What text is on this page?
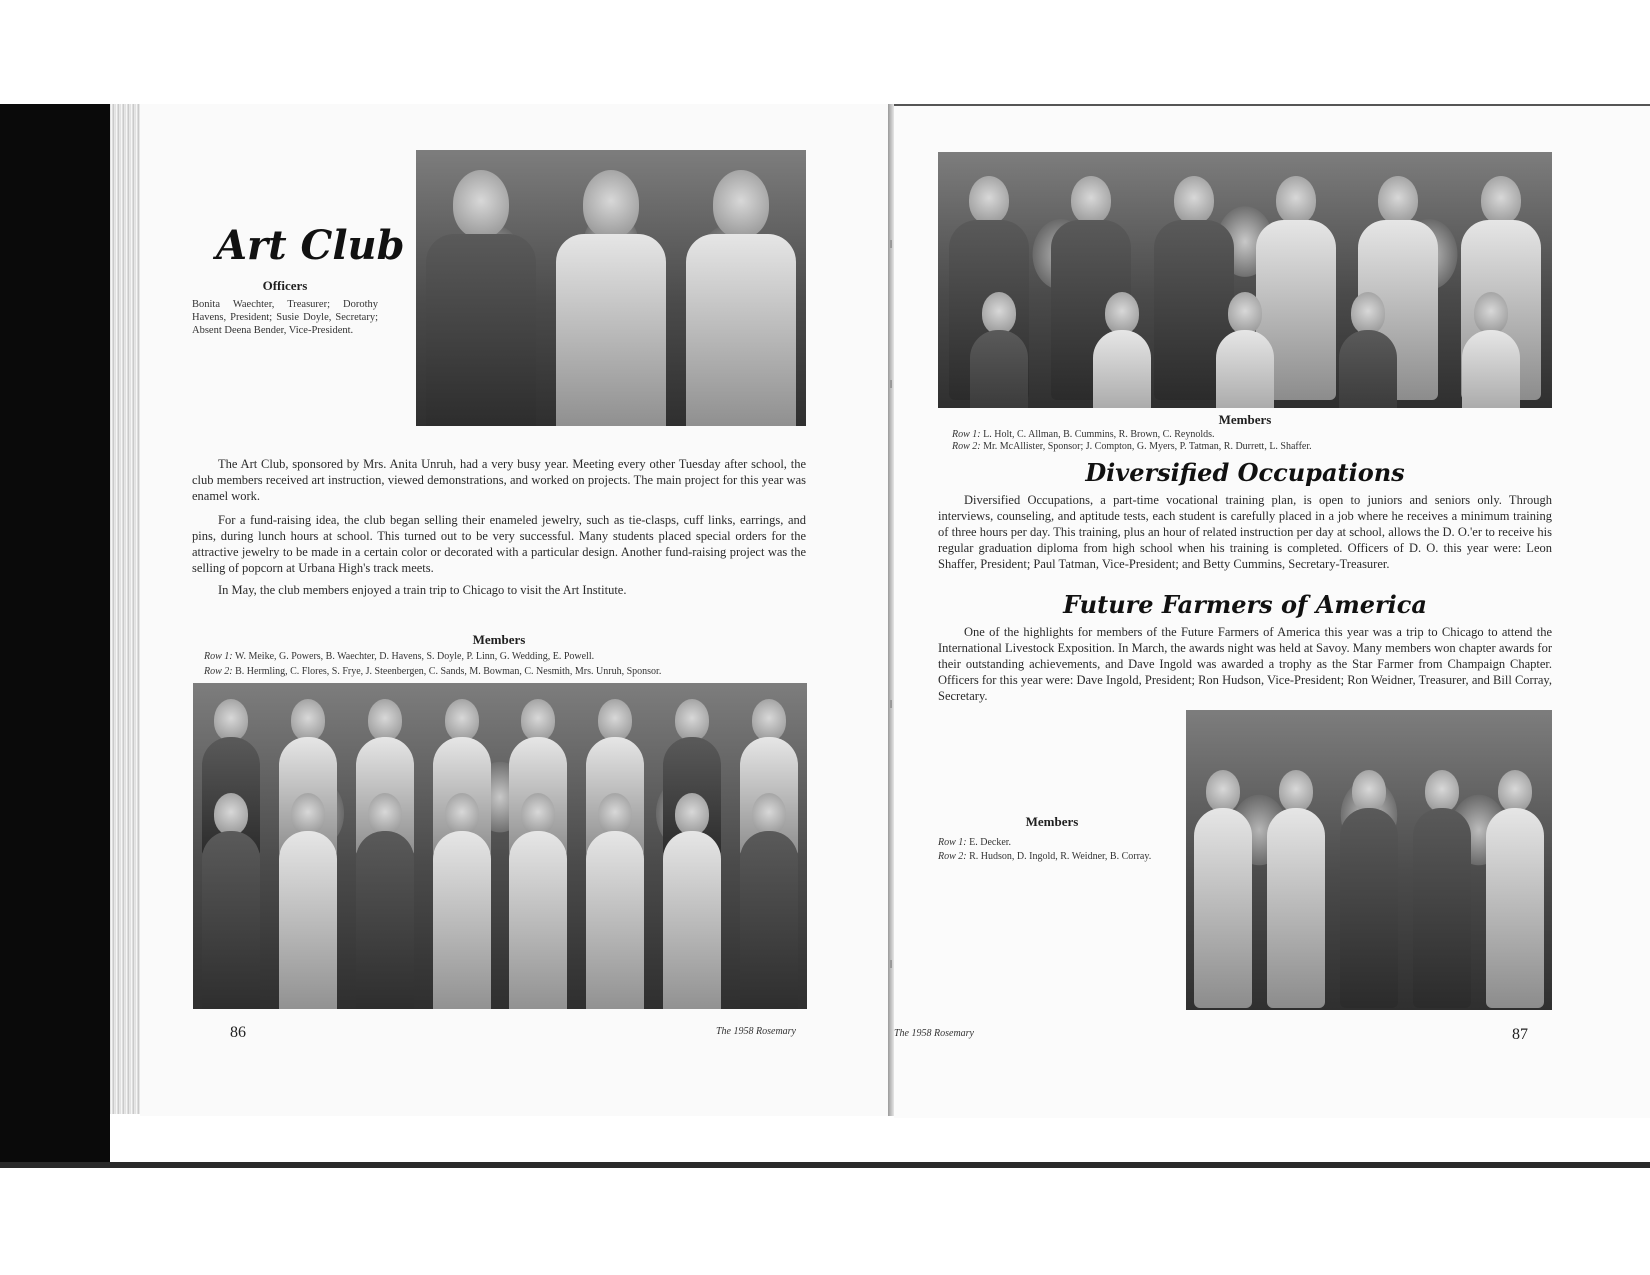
Art Club
Officers
Bonita Waechter, Treasurer; Dorothy Havens, President; Susie Doyle, Secretary; Absent Deena Bender, Vice-President.

The Art Club, sponsored by Mrs. Anita Unruh, had a very busy year. Meeting every other Tuesday after school, the club members received art instruction, viewed demonstrations, and worked on projects. The main project for this year was enamel work.

For a fund-raising idea, the club began selling their enameled jewelry, such as tie-clasps, cuff links, earrings, and pins, during lunch hours at school. This turned out to be very successful. Many students placed special orders for the attractive jewelry to be made in a certain color or decorated with a particular design. Another fund-raising project was the selling of popcorn at Urbana High's track meets.

In May, the club members enjoyed a train trip to Chicago to visit the Art Institute.

Members
Row 1: W. Meike, G. Powers, B. Waechter, D. Havens, S. Doyle, P. Linn, G. Wedding, E. Powell.
Row 2: B. Hermling, C. Flores, S. Frye, J. Steenbergen, C. Sands, M. Bowman, C. Nesmith, Mrs. Unruh, Sponsor.
86	The 1958 Rosemary
Members
Row 1: L. Holt, C. Allman, B. Cummins, R. Brown, C. Reynolds.
Row 2: Mr. McAllister, Sponsor; J. Compton, G. Myers, P. Tatman, R. Durrett, L. Shaffer.
Diversified Occupations

Diversified Occupations, a part-time vocational training plan, is open to juniors and seniors only. Through interviews, counseling, and aptitude tests, each student is carefully placed in a job where he receives a minimum training of three hours per day. This training, plus an hour of related instruction per day at school, allows the D. O.'er to receive his regular graduation diploma from high school when his training is completed. Officers of D. O. this year were: Leon Shaffer, President; Paul Tatman, Vice-President; and Betty Cummins, Secretary-Treasurer.

Future Farmers of America

One of the highlights for members of the Future Farmers of America this year was a trip to Chicago to attend the International Livestock Exposition. In March, the awards night was held at Savoy. Many members won chapter awards for their outstanding achievements, and Dave Ingold was awarded a trophy as the Star Farmer from Champaign Chapter. Officers for this year were: Dave Ingold, President; Ron Hudson, Vice-President; Ron Weidner, Treasurer, and Bill Corray, Secretary.

Members
Row 1: E. Decker.
Row 2: R. Hudson, D. Ingold, R. Weidner, B. Corray.
The 1958 Rosemary	87
